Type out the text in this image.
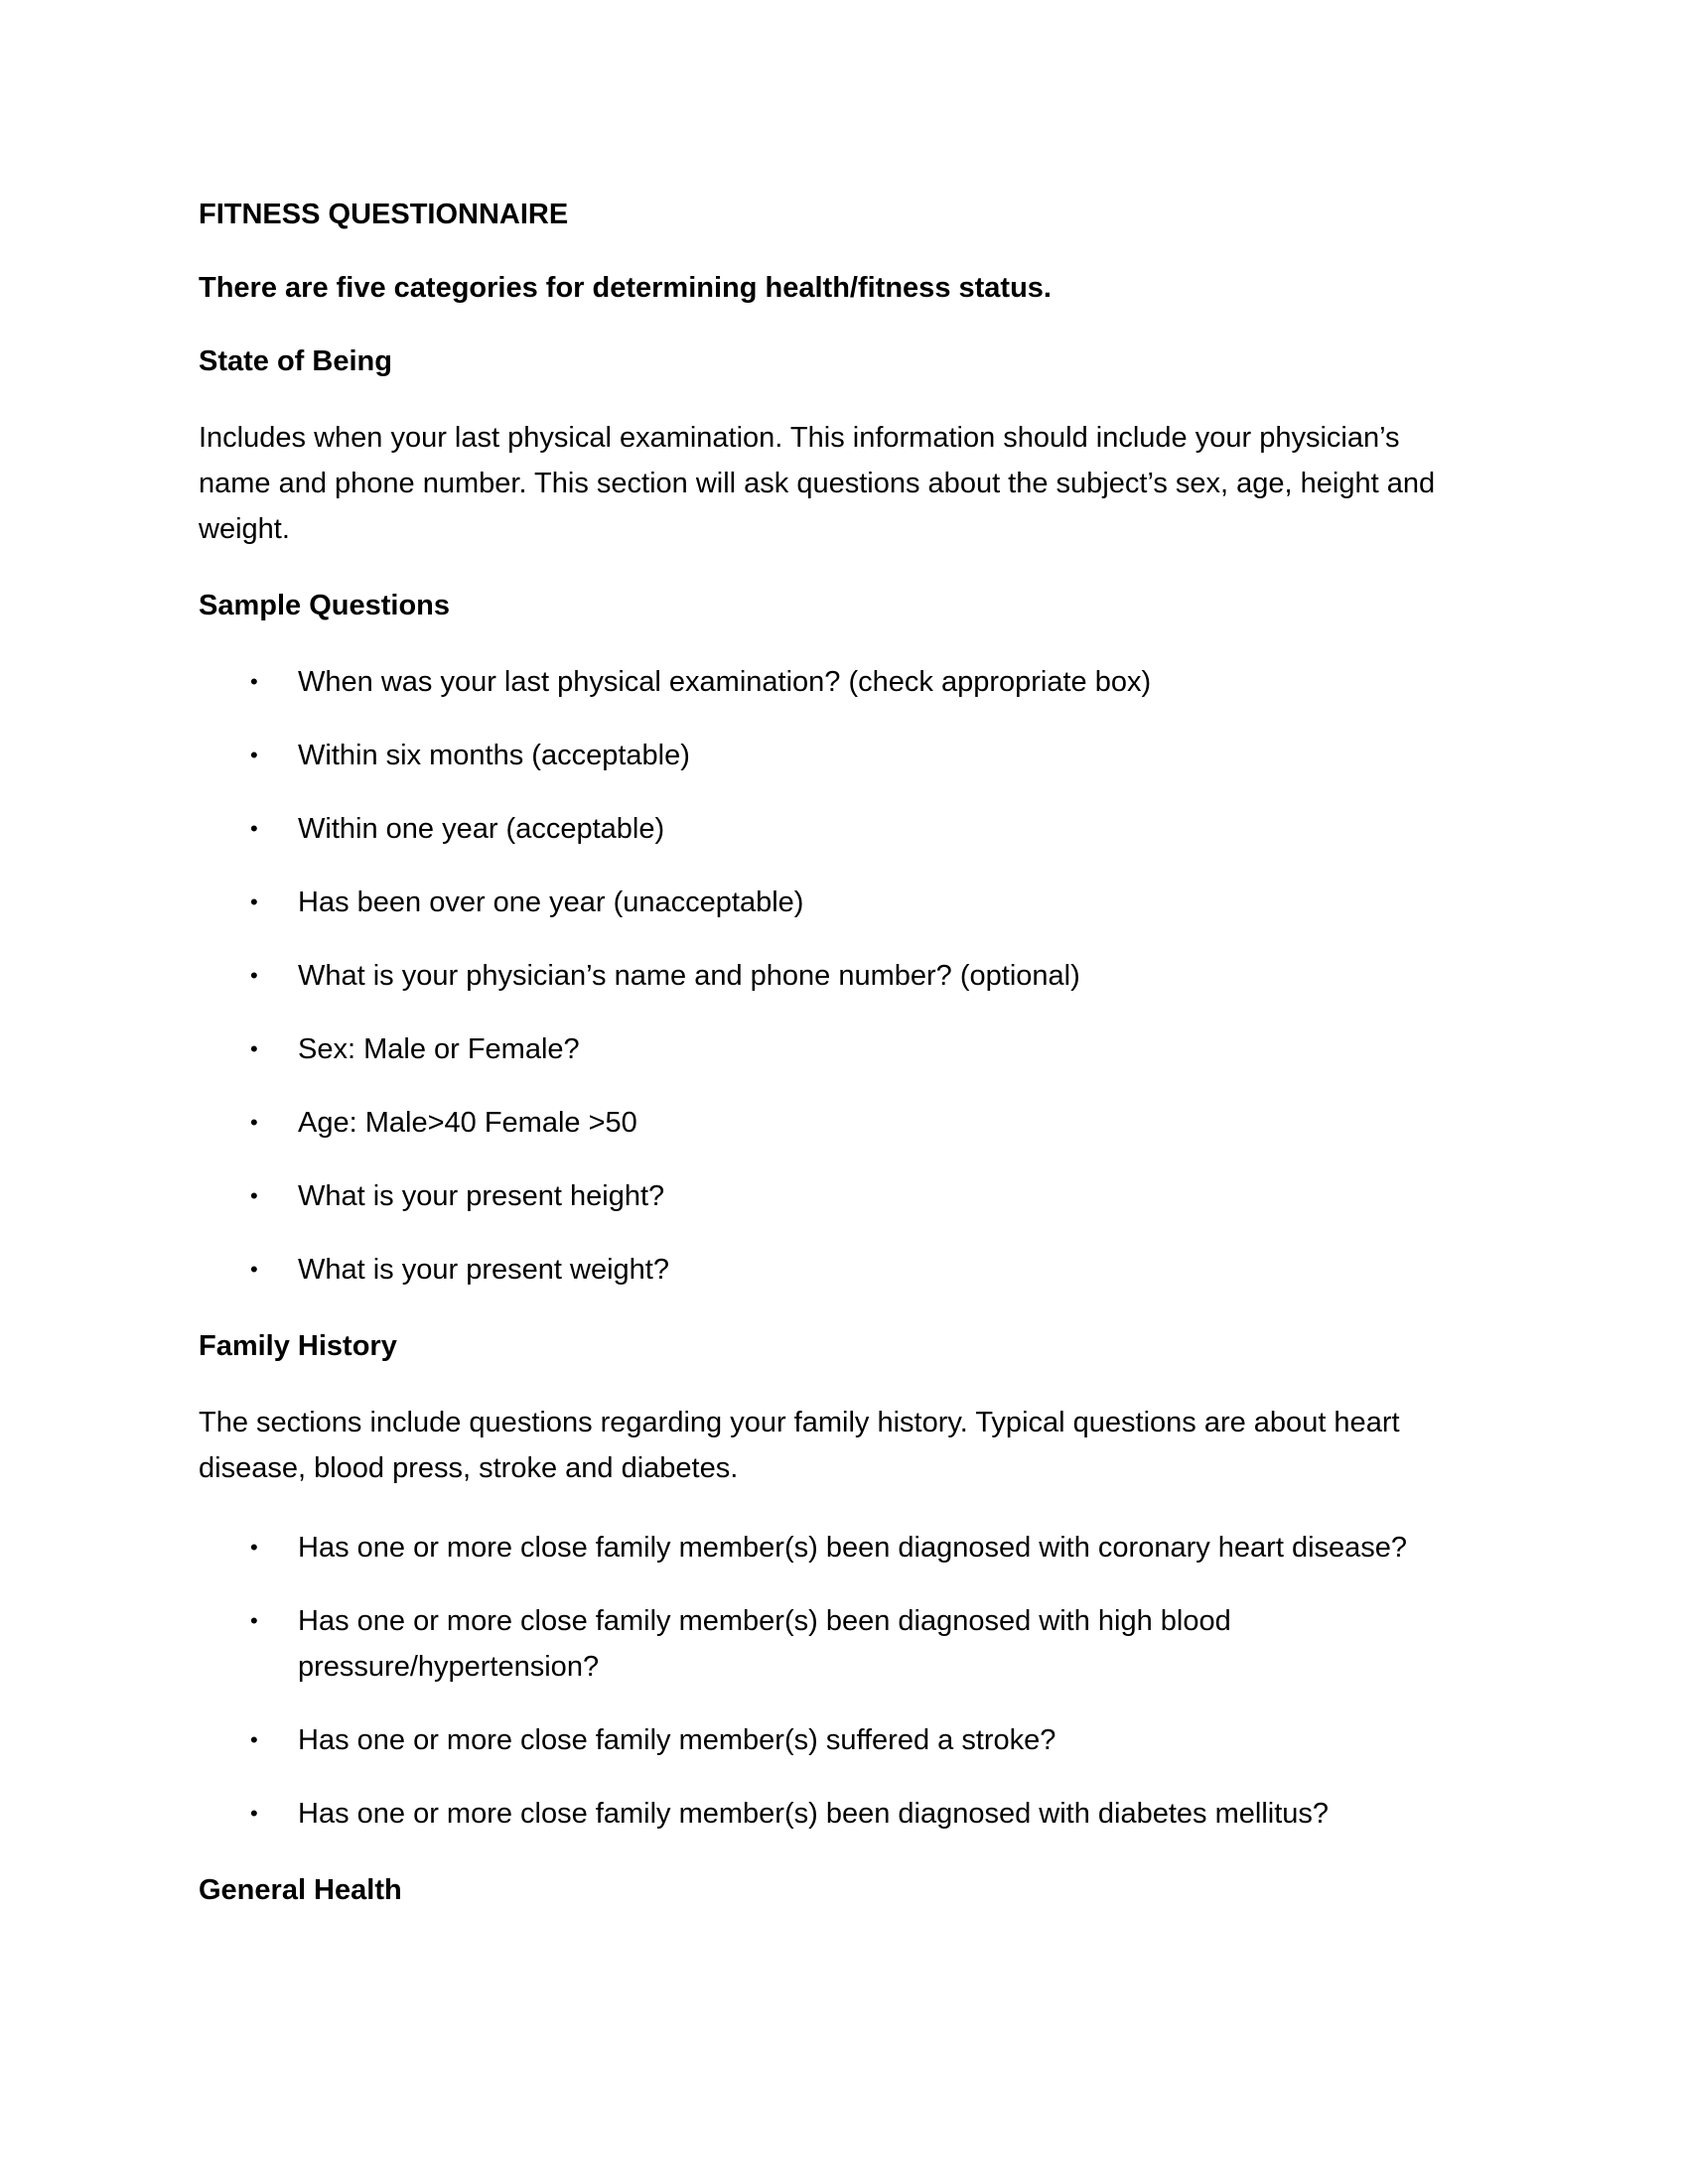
FITNESS QUESTIONNAIRE
There are five categories for determining health/fitness status.
State of Being
Includes when your last physical examination. This information should include your physician’s name and phone number. This section will ask questions about the subject’s sex, age, height and weight.
Sample Questions
• When was your last physical examination? (check appropriate box)
• Within six months (acceptable)
• Within one year (acceptable)
• Has been over one year (unacceptable)
• What is your physician’s name and phone number? (optional)
• Sex: Male or Female?
• Age: Male>40 Female >50
• What is your present height?
• What is your present weight?
Family History
The sections include questions regarding your family history. Typical questions are about heart disease, blood press, stroke and diabetes.
• Has one or more close family member(s) been diagnosed with coronary heart disease?
• Has one or more close family member(s) been diagnosed with high blood pressure/hypertension?
• Has one or more close family member(s) suffered a stroke?
• Has one or more close family member(s) been diagnosed with diabetes mellitus?
General Health
